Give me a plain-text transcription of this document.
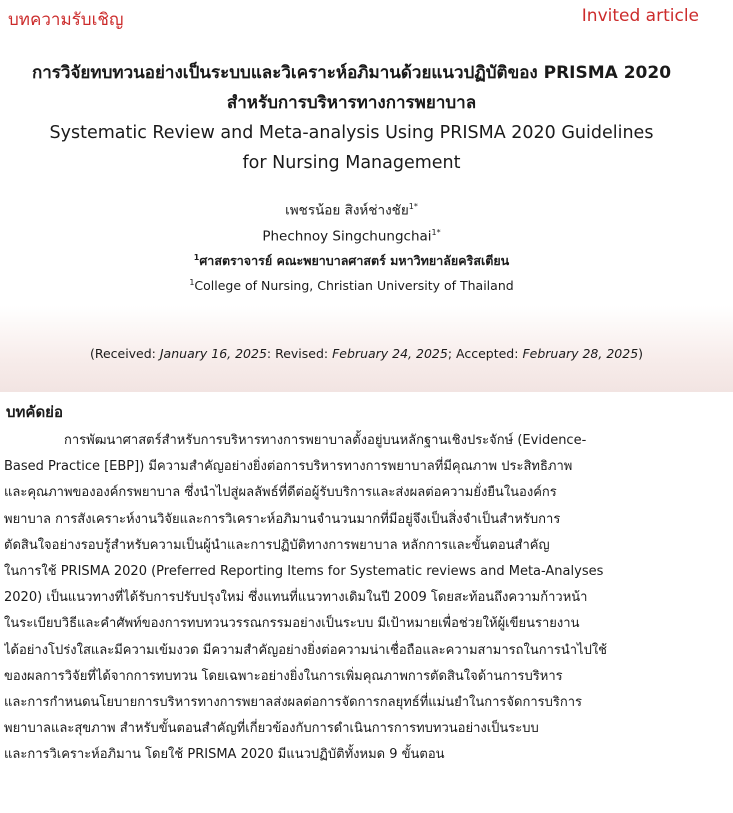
บทความรับเชิญ	Invited article
การวิจัยทบทวนอย่างเป็นระบบและวิเคราะห์อภิมานด้วยแนวปฏิบัติของ PRISMA 2020
สำหรับการบริหารทางการพยาบาล
Systematic Review and Meta-analysis Using PRISMA 2020 Guidelines
for Nursing Management
เพชรน้อย สิงห์ช่างชัย$^{1*}$
Phechnoy Singchungchai$^{1*}$
$^1$ศาสตราจารย์ คณะพยาบาลศาสตร์ มหาวิทยาลัยคริสเตียน
$^1$College of Nursing, Christian University of Thailand
(Received: January 16, 2025: Revised: February 24, 2025; Accepted: February 28, 2025)
บทคัดย่อ
การพัฒนาศาสตร์สำหรับการบริหารทางการพยาบาลตั้งอยู่บนหลักฐานเชิงประจักษ์ (Evidence-
Based Practice [EBP]) มีความสำคัญอย่างยิ่งต่อการบริหารทางการพยาบาลที่มีคุณภาพ ประสิทธิภาพ
และคุณภาพขององค์กรพยาบาล ซึ่งนำไปสู่ผลลัพธ์ที่ดีต่อผู้รับบริการและส่งผลต่อความยั่งยืนในองค์กร
พยาบาล การสังเคราะห์งานวิจัยและการวิเคราะห์อภิมานจำนวนมากที่มีอยู่จึงเป็นสิ่งจำเป็นสำหรับการ
ตัดสินใจอย่างรอบรู้สำหรับความเป็นผู้นำและการปฏิบัติทางการพยาบาล หลักการและขั้นตอนสำคัญ
ในการใช้ PRISMA 2020 (Preferred Reporting Items for Systematic reviews and Meta-Analyses
2020) เป็นแนวทางที่ได้รับการปรับปรุงใหม่ ซึ่งแทนที่แนวทางเดิมในปี 2009 โดยสะท้อนถึงความก้าวหน้า
ในระเบียบวิธีและคำศัพท์ของการทบทวนวรรณกรรมอย่างเป็นระบบ มีเป้าหมายเพื่อช่วยให้ผู้เขียนรายงาน
ได้อย่างโปร่งใสและมีความเข้มงวด มีความสำคัญอย่างยิ่งต่อความน่าเชื่อถือและความสามารถในการนำไปใช้
ของผลการวิจัยที่ได้จากการทบทวน โดยเฉพาะอย่างยิ่งในการเพิ่มคุณภาพการตัดสินใจด้านการบริหาร
และการกำหนดนโยบายการบริหารทางการพยาลส่งผลต่อการจัดการกลยุทธ์ที่แม่นยำในการจัดการบริการ
พยาบาลและสุขภาพ สำหรับขั้นตอนสำคัญที่เกี่ยวข้องกับการดำเนินการการทบทวนอย่างเป็นระบบ
และการวิเคราะห์อภิมาน โดยใช้ PRISMA 2020 มีแนวปฏิบัติทั้งหมด 9 ขั้นตอน
